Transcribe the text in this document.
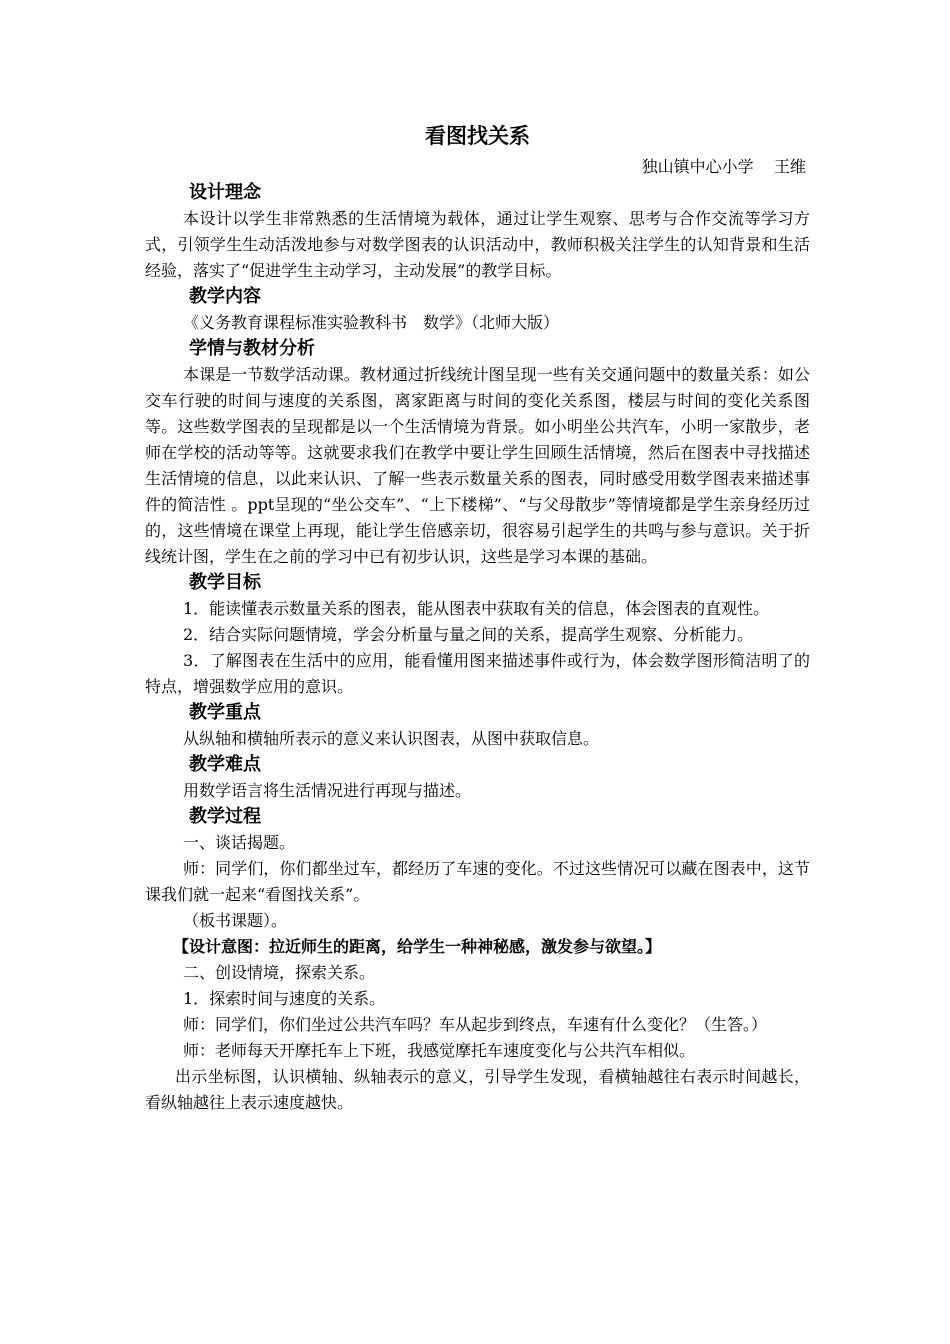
看图找关系

独山镇中心小学    王维

设计理念

本设计以学生非常熟悉的生活情境为载体，通过让学生观察、思考与合作交流等学习方式，引领学生生动活泼地参与对数学图表的认识活动中，教师积极关注学生的认知背景和生活经验，落实了“促进学生主动学习，主动发展”的教学目标。

教学内容

《义务教育课程标准实验教科书　数学》（北师大版）

学情与教材分析

本课是一节数学活动课。教材通过折线统计图呈现一些有关交通问题中的数量关系：如公交车行驶的时间与速度的关系图，离家距离与时间的变化关系图，楼层与时间的变化关系图等。这些数学图表的呈现都是以一个生活情境为背景。如小明坐公共汽车，小明一家散步，老师在学校的活动等等。这就要求我们在教学中要让学生回顾生活情境，然后在图表中寻找描述生活情境的信息，以此来认识、了解一些表示数量关系的图表，同时感受用数学图表来描述事件的简洁性 。ppt呈现的“坐公交车”、“上下楼梯”、“与父母散步”等情境都是学生亲身经历过的，这些情境在课堂上再现，能让学生倍感亲切，很容易引起学生的共鸣与参与意识。关于折线统计图，学生在之前的学习中已有初步认识，这些是学习本课的基础。

教学目标

1．能读懂表示数量关系的图表，能从图表中获取有关的信息，体会图表的直观性。

2．结合实际问题情境，学会分析量与量之间的关系，提高学生观察、分析能力。

3．了解图表在生活中的应用，能看懂用图来描述事件或行为，体会数学图形简洁明了的特点，增强数学应用的意识。

教学重点

从纵轴和横轴所表示的意义来认识图表，从图中获取信息。

教学难点

用数学语言将生活情况进行再现与描述。

教学过程

一、谈话揭题。

师：同学们，你们都坐过车，都经历了车速的变化。不过这些情况可以藏在图表中，这节课我们就一起来“看图找关系”。

（板书课题）。

【设计意图：拉近师生的距离，给学生一种神秘感，激发参与欲望。】

二、创设情境，探索关系。

1．探索时间与速度的关系。

师：同学们，你们坐过公共汽车吗？车从起步到终点，车速有什么变化？（生答。）

师：老师每天开摩托车上下班，我感觉摩托车速度变化与公共汽车相似。

出示坐标图，认识横轴、纵轴表示的意义，引导学生发现，看横轴越往右表示时间越长，看纵轴越往上表示速度越快。
